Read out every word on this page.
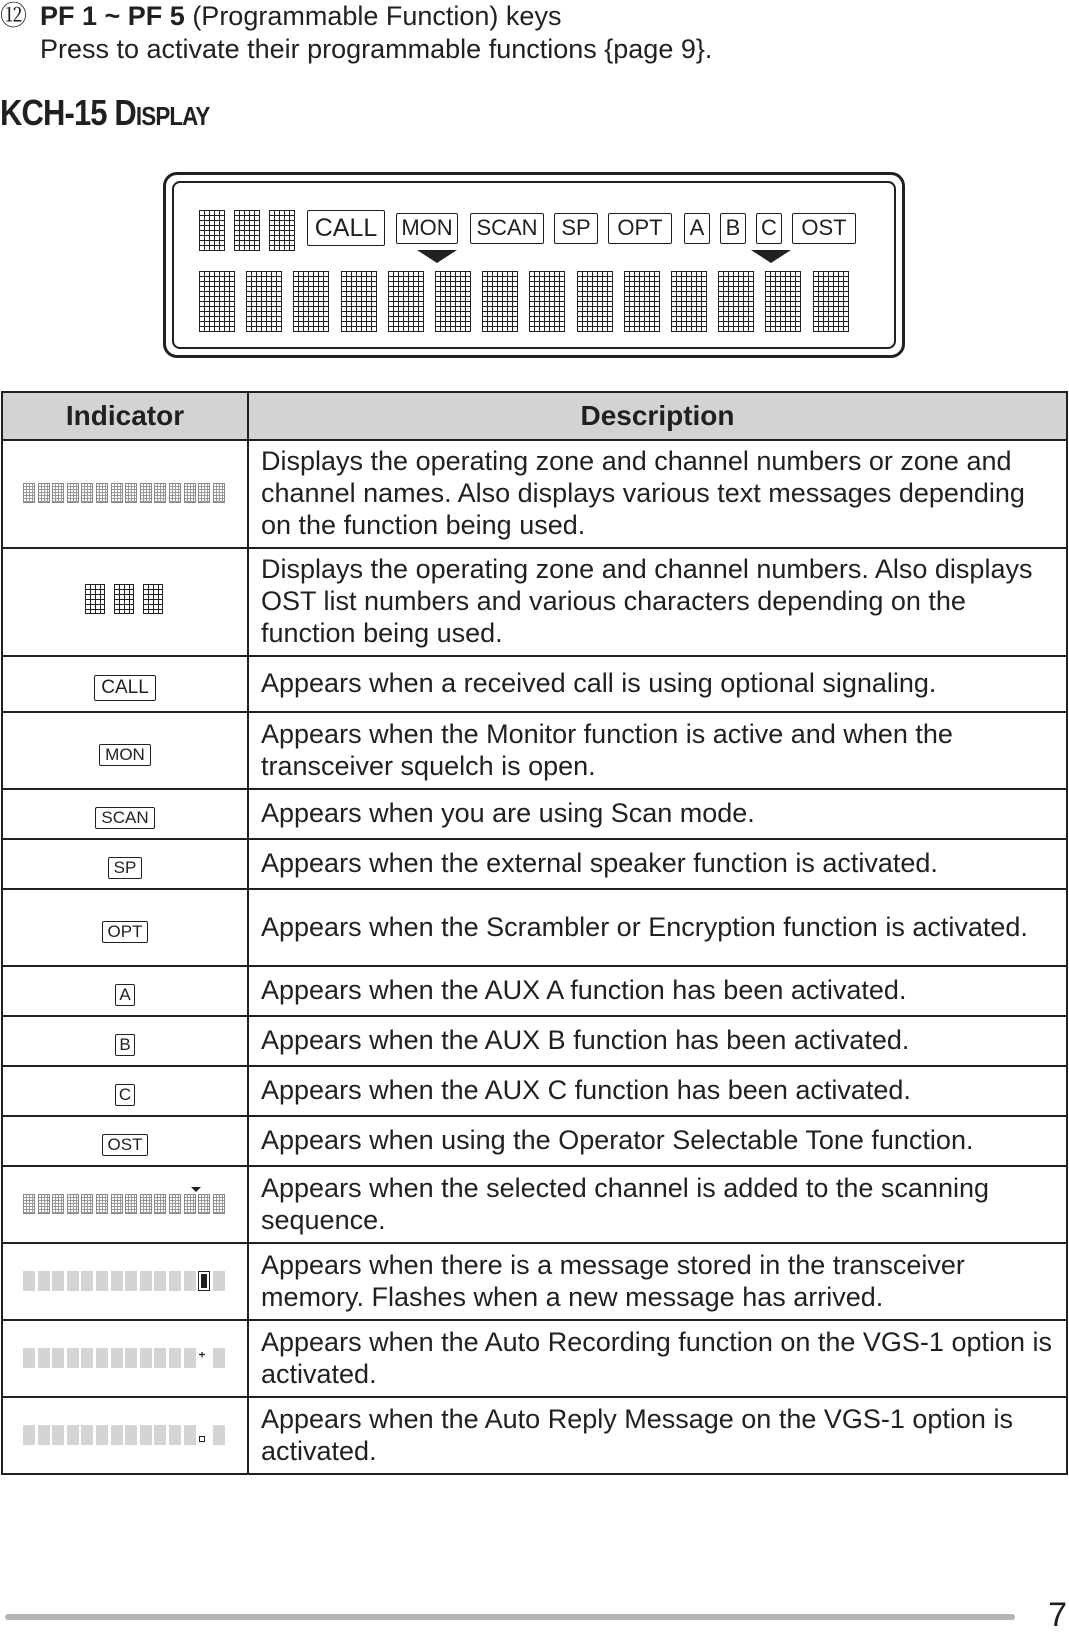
⑫ PF 1 ~ PF 5 (Programmable Function) keys
Press to activate their programmable functions {page 9}.
KCH-15 DISPLAY
CALL	MON SCAN	SP	OPT	A B C	OST
Indicator	Description

	Displays the operating zone and channel numbers or zone and channel names. Also displays various text messages depending on the function being used.

	Displays the operating zone and channel numbers. Also displays OST list numbers and various characters depending on the function being used.
CALL	Appears when a received call is using optional signaling.
MON	Appears when the Monitor function is active and when the transceiver squelch is open.
SCAN	Appears when you are using Scan mode.
SP	Appears when the external speaker function is activated.
OPT	Appears when the Scrambler or Encryption function is activated.
A	Appears when the AUX A function has been activated.
B	Appears when the AUX B function has been activated.
C	Appears when the AUX C function has been activated.
OST	Appears when using the Operator Selectable Tone function.

	Appears when the selected channel is added to the scanning sequence.

	Appears when there is a message stored in the transceiver memory. Flashes when a new message has arrived.

	Appears when the Auto Recording function on the VGS-1 option is activated.

	Appears when the Auto Reply Message on the VGS-1 option is activated.
7
